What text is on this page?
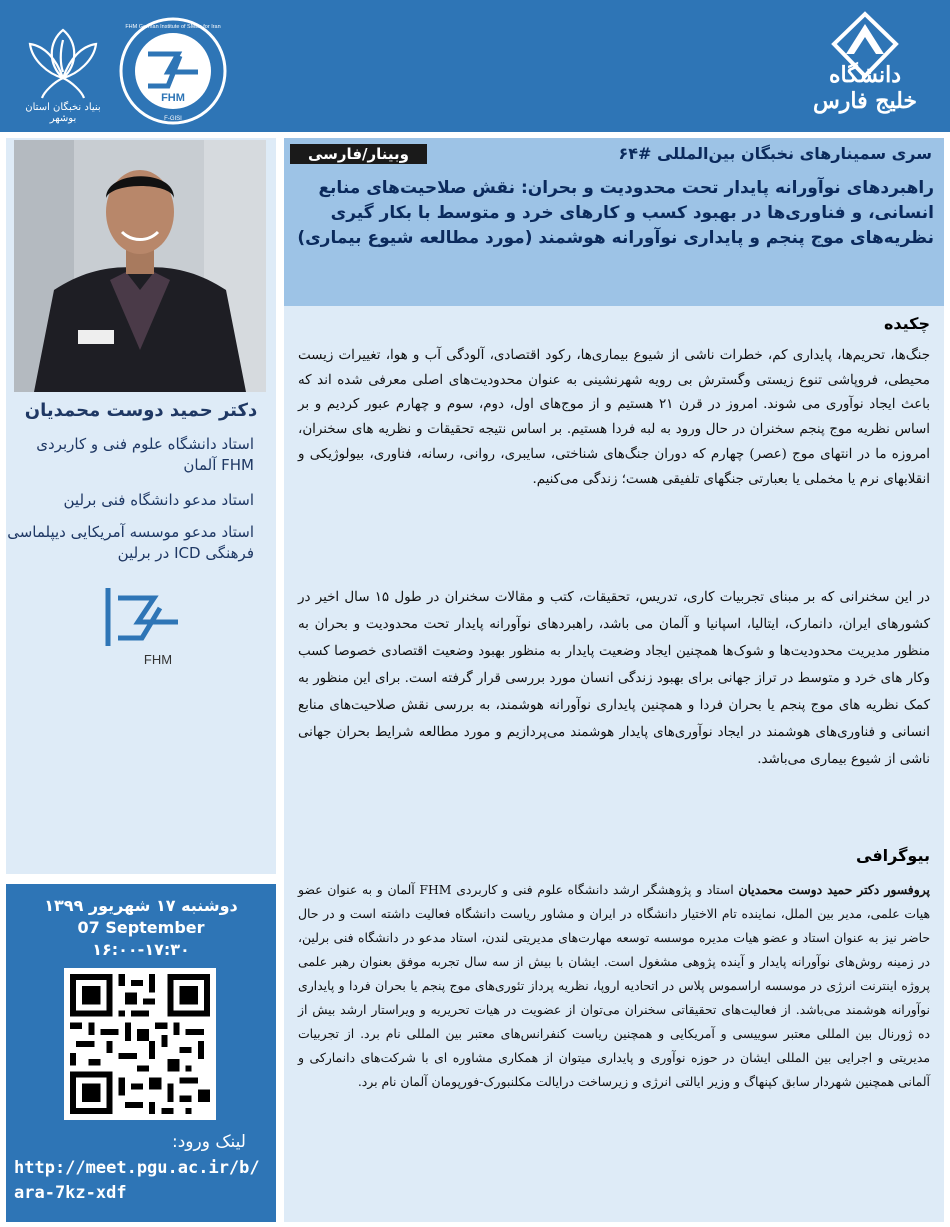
بنیاد نخبگان استان بوشهر
FHM
F-GISI
FHM German Institute of SMEs for Iran
دانشگاه خلیج فارس
دکتر حمید دوست محمدیان
استاد دانشگاه علوم فنی و کاربردی FHM آلمان
استاد مدعو دانشگاه فنی برلین
استاد مدعو موسسه آمریکایی دیپلماسی فرهنگی ICD در برلین
FHM
دوشنبه ۱۷ شهریور ۱۳۹۹
07 September
۱۶:۰۰-۱۷:۳۰
لینک ورود:
http://meet.pgu.ac.ir/b/ara-7kz-xdf
وبینار/فارسی	سری سمینارهای نخبگان بین‌المللی #۶۴
راهبردهای نوآورانه پایدار تحت محدودیت و بحران: نقش صلاحیت‌های منابع انسانی، و فناوری‌ها در بهبود کسب و کارهای خرد و متوسط با بکار گیری نظریه‌های موج پنجم و پایداری نوآورانه هوشمند (مورد مطالعه شیوع بیماری)
چکیده
جنگ‌ها، تحریم‌ها، پایداری کم، خطرات ناشی از شیوع بیماری‌ها، رکود اقتصادی، آلودگی آب و هوا، تغییرات زیست محیطی، فروپاشی تنوع زیستی وگسترش بی رویه شهرنشینی به عنوان محدودیت‌های اصلی معرفی شده اند که باعث ایجاد نوآوری می شوند. امروز در قرن ۲۱ هستیم و از موج‌های اول، دوم، سوم و چهارم عبور کردیم و بر اساس نظریه موج پنجم سخنران در حال ورود به لبه فردا هستیم. بر اساس نتیجه تحقیقات و نظریه های سخنران، امروزه ما در انتهای موج (عصر) چهارم که دوران جنگ‌های شناختی، سایبری، روانی، رسانه، فناوری، بیولوژیکی و انقلابهای نرم یا مخملی یا بعبارتی جنگهای تلفیقی هست؛ زندگی می‌کنیم.
در این سخنرانی که بر مبنای تجربیات کاری، تدریس، تحقیقات، کتب و مقالات سخنران در طول ۱۵ سال اخیر در کشورهای ایران، دانمارک، ایتالیا، اسپانیا و آلمان می باشد، راهبردهای نوآورانه پایدار تحت محدودیت و بحران به منظور مدیریت محدودیت‌ها و شوک‌ها همچنین ایجاد وضعیت پایدار به منظور بهبود وضعیت اقتصادی خصوصا کسب وکار های خرد و متوسط در تراز جهانی برای بهبود زندگی انسان مورد بررسی قرار گرفته است. برای این منظور به کمک نظریه های موج پنجم یا بحران فردا و همچنین پایداری نوآورانه هوشمند، به بررسی نقش صلاحیت‌های منابع انسانی و فناوری‌های هوشمند در ایجاد نوآوری‌های پایدار هوشمند می‌پردازیم و مورد مطالعه شرایط بحران جهانی ناشی از شیوع بیماری می‌باشد.
بیوگرافی
پروفسور دکتر حمید دوست محمدیان استاد و پژوهشگر ارشد دانشگاه علوم فنی و کاربردی FHM آلمان و به عنوان عضو هیات علمی، مدیر بین الملل، نماینده تام الاختیار دانشگاه در ایران و مشاور ریاست دانشگاه فعالیت داشته است و در حال حاضر نیز به عنوان استاد و عضو هیات مدیره موسسه توسعه مهارت‌های مدیریتی لندن، استاد مدعو در دانشگاه فنی برلین، در زمینه روش‌های نوآورانه پایدار و آینده پژوهی مشغول است. ایشان با بیش از سه سال تجربه موفق بعنوان رهبر علمی پروژه اینترنت انرژی در موسسه اراسموس پلاس در اتحادیه اروپا، نظریه پرداز تئوری‌های موج پنجم یا بحران فردا و پایداری نوآورانه هوشمند می‌باشد. از فعالیت‌های تحقیقاتی سخنران می‌توان از عضویت در هیات تحریریه و ویراستار ارشد بیش از ده ژورنال بین المللی معتبر سوییسی و آمریکایی و همچنین ریاست کنفرانس‌های معتبر بین المللی نام برد. از تجربیات مدیریتی و اجرایی بین المللی ایشان در حوزه نوآوری و پایداری میتوان از همکاری مشاوره ای با شرکت‌های دانمارکی و آلمانی همچنین شهردار سابق کپنهاگ و وزیر ایالتی انرژی و زیرساخت درایالت مکلنبورک-فورپومان آلمان نام برد.
